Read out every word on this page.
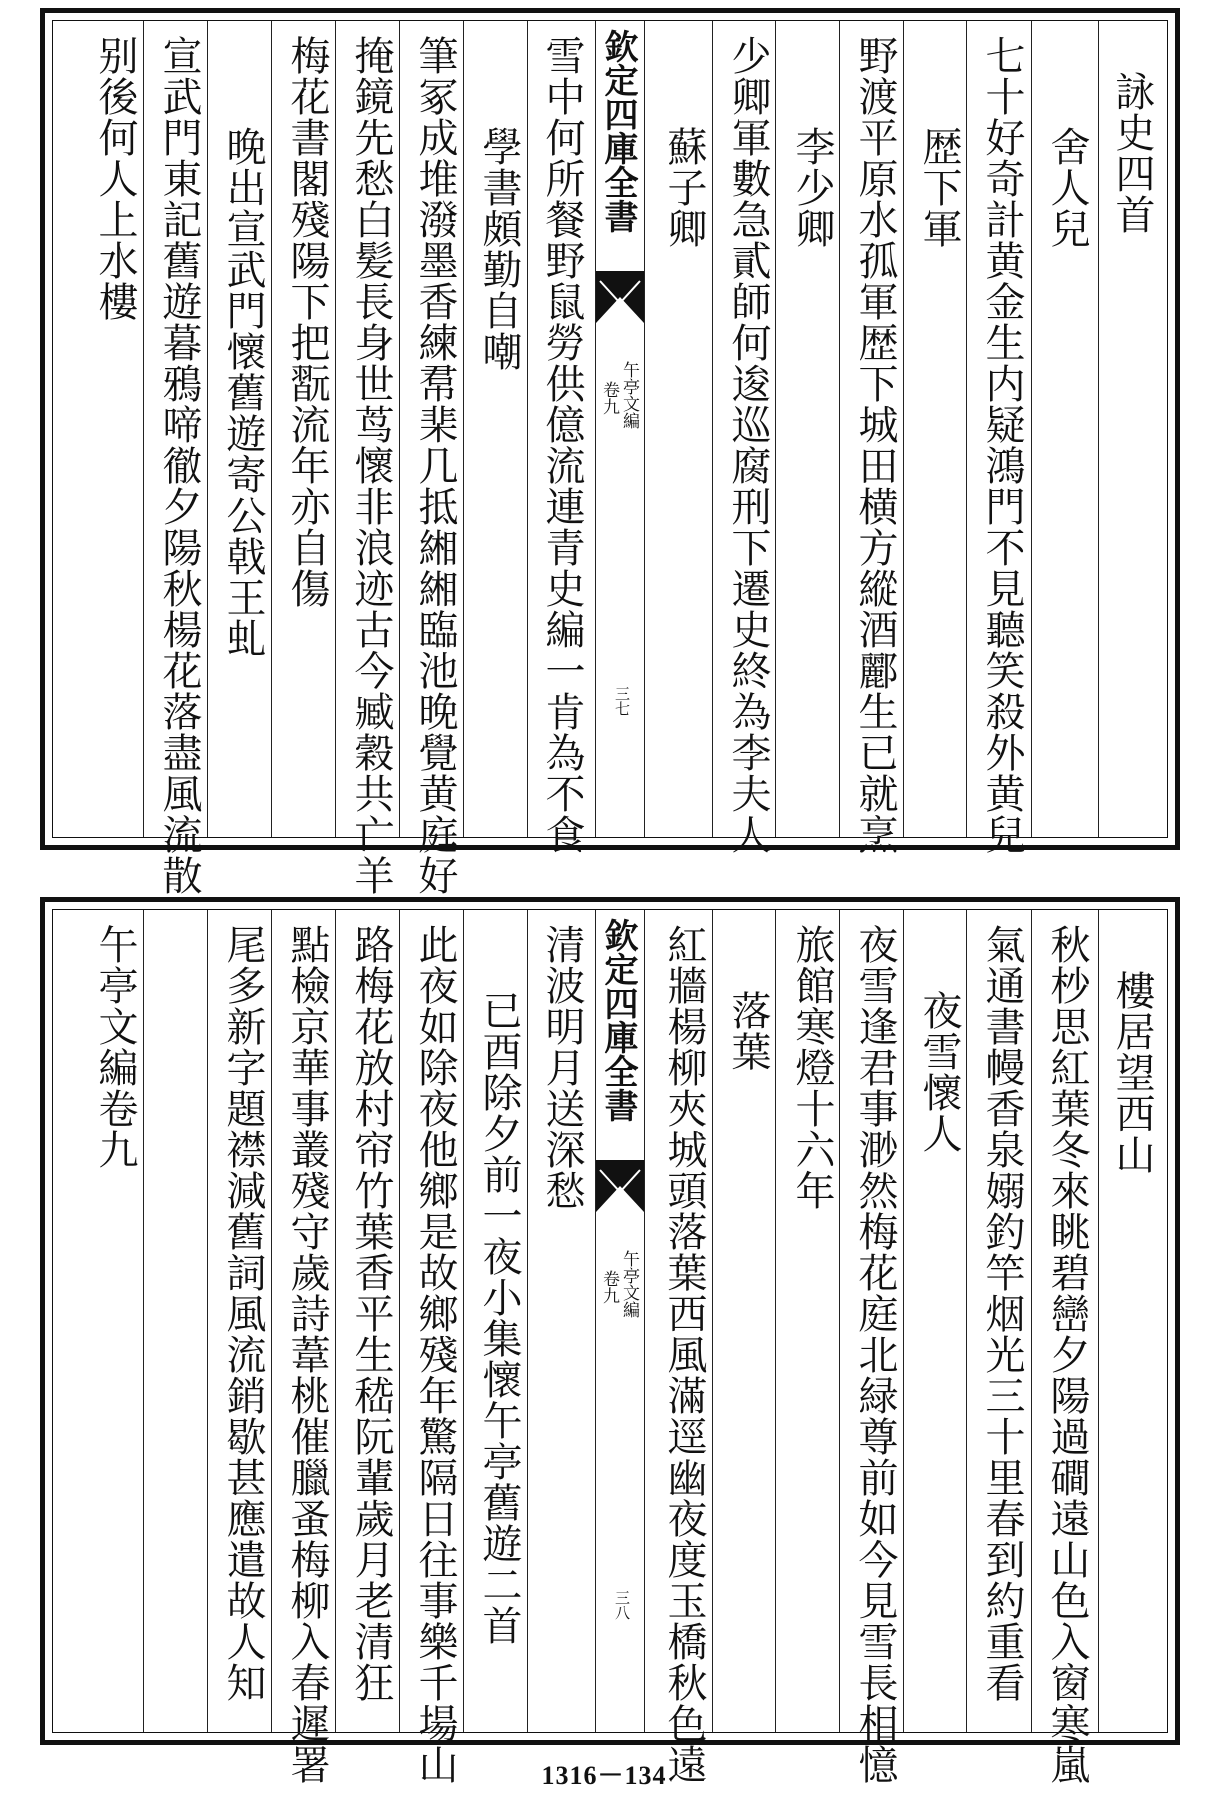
詠史四首
舍人兒
七十好奇計黄金生内疑鴻門不見聽笑殺外黄兒
歴下軍
野渡平原水孤軍歴下城田横方縱酒酈生已就烹
李少卿
少卿軍數急貳師何逡巡腐刑下遷史終為李夫人
蘇子卿
欽定四庫全書
午亭文編
卷九
三七
雪中何所餐野鼠勞供億流連青史編一肯為不食
學書頗勤自嘲
筆冢成堆潑墨香練帬棐几抵緗緗臨池晚覺黄庭好
掩鏡先愁白髪長身世茑懷非浪迹古今臧穀共亡羊
梅花書閣殘陽下把翫流年亦自傷
晚出宣武門懷舊遊寄公戟王虬
宣武門東記舊遊暮鴉啼徹夕陽秋楊花落盡風流散
别後何人上水樓
樓居望西山
秋杪思紅葉冬來眺碧巒夕陽過磵遠山色入窗寒嵐
氣通書幔香泉嫋釣竿烟光三十里春到約重看
夜雪懷人
夜雪逢君事渺然梅花庭北緑尊前如今見雪長相憶
旅館寒燈十六年
落葉
紅牆楊柳夾城頭落葉西風滿逕幽夜度玉橋秋色遠
欽定四庫全書
午亭文編
卷九
三八
清波明月送深愁
已酉除夕前一夜小集懷午亭舊遊二首
此夜如除夜他鄉是故鄉殘年驚隔日往事樂千場山
路梅花放村帘竹葉香平生嵇阮輩歲月老清狂
點檢京華事叢殘守歲詩葦桃催臘蚤梅柳入春遲署
尾多新字題襟減舊詞風流銷歇甚應遣故人知
午亭文編卷九
1316－134
